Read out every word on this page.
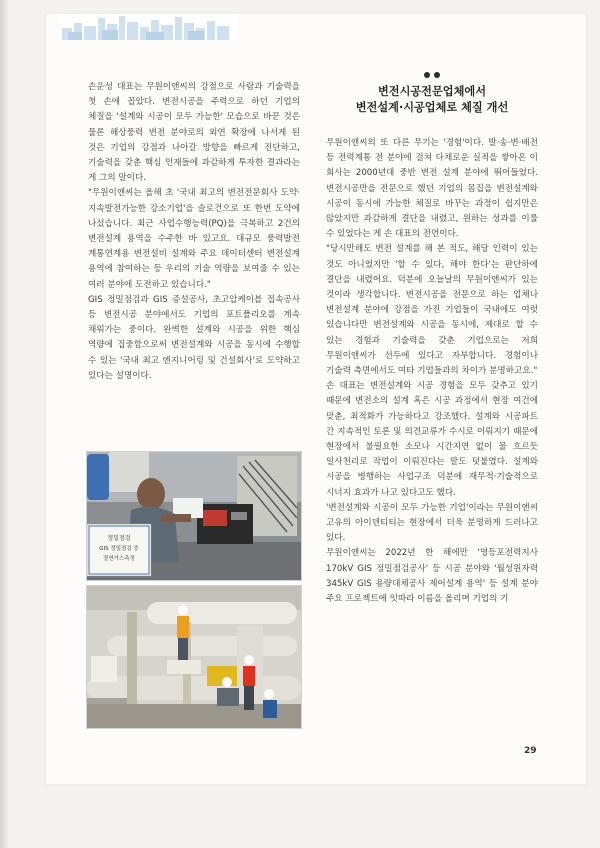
손운성 대표는 무원이앤씨의 강점으로 사람과 기술력을 첫 손에 꼽았다. 변전시공을 주력으로 하던 기업의 체질을 '설계와 시공이 모두 가능한' 모습으로 바꾼 것은 물론 해상풍력 변전 분야로의 외연 확장에 나서게 된 것은 기업의 강점과 나아갈 방향을 빠르게 진단하고, 기술력을 갖춘 핵심 인재들에 과감하게 투자한 결과라는 게 그의 말이다.

"무원이앤씨는 올해 초 '국내 최고의 변전전문회사 도약·지속발전가능한 강소기업'을 슬로건으로 또 한번 도약에 나섰습니다. 최근 사업수행능력(PQ)을 극복하고 2건의 변전설계 용역을 수주한 바 있고요. 대규모 풍력발전 계통연계용 변전설비 설계와 주요 데이터센터 변전설계 용역에 참여하는 등 우리의 기술 역량을 보여줄 수 있는 여러 분야에 도전하고 있습니다."

GIS 정밀점검과 GIS 증설공사, 초고압케이블 접속공사 등 변전시공 분야에서도 기업의 포트폴리오를 계속 채워가는 중이다. 완벽한 설계와 시공을 위한 핵심 역량에 집중함으로써 변전설계와 시공을 동시에 수행할 수 있는 '국내 최고 엔지니어링 및 건설회사'로 도약하고 있다는 설명이다.

변전시공전문업체에서
변전설계·시공업체로 체질 개선

무원이앤씨의 또 다른 무기는 '경험'이다. 발·송·변·배전 등 전력계통 전 분야에 걸쳐 다채로운 실적을 쌓아온 이 회사는 2000년대 중반 변전 설계 분야에 뛰어들었다. 변전시공만을 전문으로 했던 기업의 몸집을 변전설계와 시공이 동시에 가능한 체질로 바꾸는 과정이 쉽지만은 않았지만 과감하게 결단을 내렸고, 원하는 성과를 이룰 수 있었다는 게 손 대표의 전언이다.

"당시만해도 변전 설계를 해 본 적도, 해당 인력이 있는 것도 아니었지만 '할 수 있다, 해야 한다'는 판단하에 결단을 내렸어요. 덕분에 오늘날의 무원이앤씨가 있는 것이라 생각합니다. 변전시공을 전문으로 하는 업체나 변전설계 분야에 강점을 가진 기업들이 국내에도 여럿 있습니다만 변전설계와 시공을 동시에, 제대로 할 수 있는 경험과 기술력을 갖춘 기업으로는 저희 무원이앤씨가 선두에 있다고 자부합니다. 경험이나 기술력 측면에서도 여타 기업들과의 차이가 분명하고요."

손 대표는 변전설계와 시공 경험을 모두 갖추고 있기 때문에 변전소의 설계 혹은 시공 과정에서 현장 여건에 맞춘, 최적화가 가능하다고 강조했다. 설계와 시공파트 간 지속적인 토론 및 의견교류가 수시로 이뤄지기 때문에 현장에서 불필요한 소모나 시간지연 없이 물 흐르듯 일사천리로 작업이 이뤄진다는 말도 덧붙였다. 설계와 시공을 병행하는 사업구조 덕분에 재무적·기술적으로 시너지 효과가 나고 있다고도 했다.

'변전설계와 시공이 모두 가능한 기업'이라는 무원이앤씨 고유의 아이덴티티는 현장에서 더욱 분명하게 드러나고 있다.

무원이앤씨는 2022년 한 해에만 '영등포전력지사 170kV GIS 정밀점검공사' 등 시공 분야와 '월성원자력 345kV GIS 용량대체공사 제어설계 용역' 등 설계 분야 주요 프로젝트에 잇따라 이름을 올리며 기업의 기

정밀점검
GIS 정밀점검 중
절연가스측정
29
